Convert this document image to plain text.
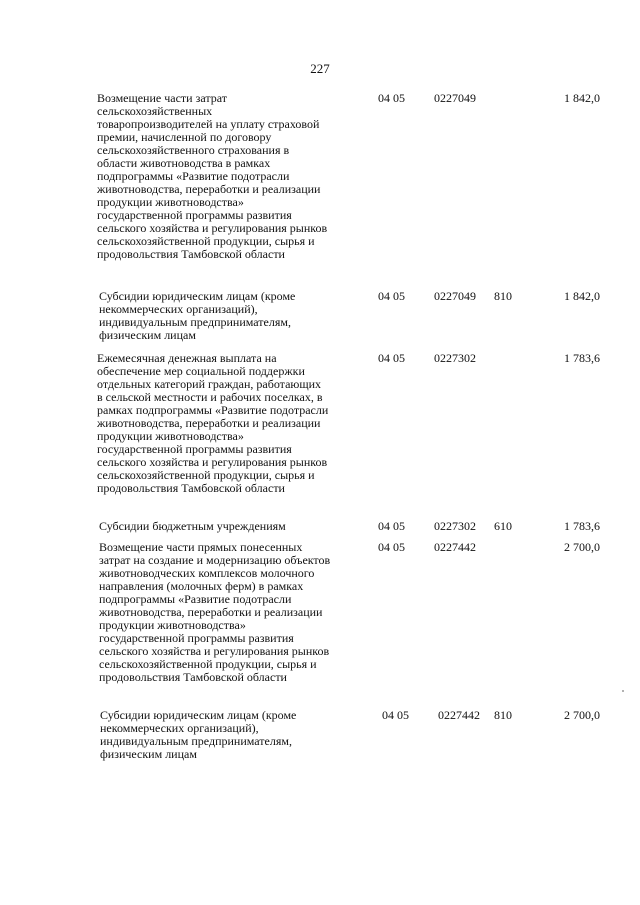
227
Возмещение части затрат
сельскохозяйственных
товаропроизводителей на уплату страховой
премии, начисленной по договору
сельскохозяйственного страхования в
области животноводства в рамках
подпрограммы «Развитие подотрасли
животноводства, переработки и реализации
продукции животноводства»
государственной программы развития
сельского хозяйства и регулирования рынков
сельскохозяйственной продукции, сырья и
продовольствия Тамбовской области
04 05 0227049	1 842,0
Субсидии юридическим лицам (кроме
некоммерческих организаций),
индивидуальным предпринимателям,
физическим лицам
04 05 0227049 810	1 842,0
Ежемесячная денежная выплата на
обеспечение мер социальной поддержки
отдельных категорий граждан, работающих
в сельской местности и рабочих поселках, в
рамках подпрограммы «Развитие подотрасли
животноводства, переработки и реализации
продукции животноводства»
государственной программы развития
сельского хозяйства и регулирования рынков
сельскохозяйственной продукции, сырья и
продовольствия Тамбовской области
04 05 0227302	1 783,6
Субсидии бюджетным учреждениям	04 05 0227302 610	1 783,6
Возмещение части прямых понесенных
затрат на создание и модернизацию объектов
животноводческих комплексов молочного
направления (молочных ферм) в рамках
подпрограммы «Развитие подотрасли
животноводства, переработки и реализации
продукции животноводства»
государственной программы развития
сельского хозяйства и регулирования рынков
сельскохозяйственной продукции, сырья и
продовольствия Тамбовской области
04 05 0227442	2 700,0
Субсидии юридическим лицам (кроме
некоммерческих организаций),
индивидуальным предпринимателям,
физическим лицам
04 05 0227442 810	2 700,0
